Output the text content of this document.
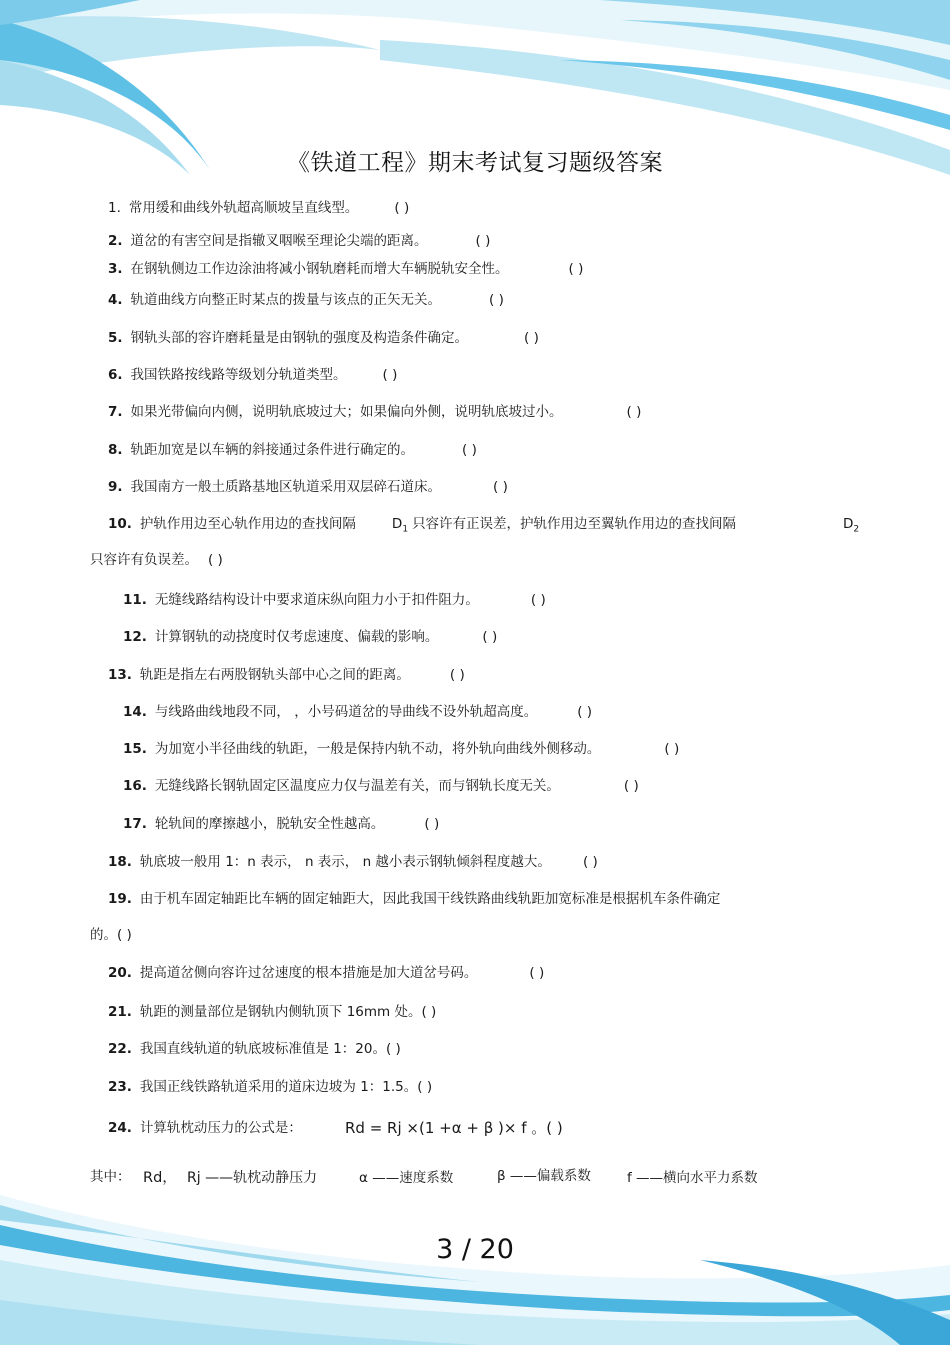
《铁道工程》期末考试复习题级答案
1. 常用缓和曲线外轨超高顺坡呈直线型。	( )
2. 道岔的有害空间是指辙叉咽喉至理论尖端的距离。	( )
3. 在钢轨侧边工作边涂油将减小钢轨磨耗而增大车辆脱轨安全性。	( )
4. 轨道曲线方向整正时某点的拨量与该点的正矢无关。	( )
5. 钢轨头部的容许磨耗量是由钢轨的强度及构造条件确定。	( )
6. 我国铁路按线路等级划分轨道类型。	( )
7. 如果光带偏向内侧，说明轨底坡过大；如果偏向外侧，说明轨底坡过小。	( )
8. 轨距加宽是以车辆的斜接通过条件进行确定的。	( )
9. 我国南方一般土质路基地区轨道采用双层碎石道床。	( )
10. 护轨作用边至心轨作用边的查找间隔	$D_1$ 只容许有正误差，护轨作用边至翼轨作用边的查找间隔	$D_2$
只容许有负误差。 ( )
11. 无缝线路结构设计中要求道床纵向阻力小于扣件阻力。	( )
12. 计算钢轨的动挠度时仅考虑速度、偏载的影响。	( )
13. 轨距是指左右两股钢轨头部中心之间的距离。	( )
14. 与线路曲线地段不同， ，小号码道岔的导曲线不设外轨超高度。	( )
15. 为加宽小半径曲线的轨距，一般是保持内轨不动，将外轨向曲线外侧移动。	( )
16. 无缝线路长钢轨固定区温度应力仅与温差有关，而与钢轨长度无关。	( )
17. 轮轨间的摩擦越小，脱轨安全性越高。	( )
18. 轨底坡一般用 1：n 表示， n 表示， n 越小表示钢轨倾斜程度越大。 ( )
19. 由于机车固定轴距比车辆的固定轴距大，因此我国干线铁路曲线轨距加宽标准是根据机车条件确定
的。( )
20. 提高道岔侧向容许过岔速度的根本措施是加大道岔号码。	( )
21. 轨距的测量部位是钢轨内侧轨顶下 16mm 处。( )
22. 我国直线轨道的轨底坡标准值是 1：20。( )
23. 我国正线铁路轨道采用的道床边坡为 1：1.5。( )
24. 计算轨枕动压力的公式是：	Rd = Rj ×(1 +α + β )× f 。( )
其中： Rd， Rj ——轨枕动静压力	α ——速度系数	β ——偏载系数	f ——横向水平力系数
3 / 20
